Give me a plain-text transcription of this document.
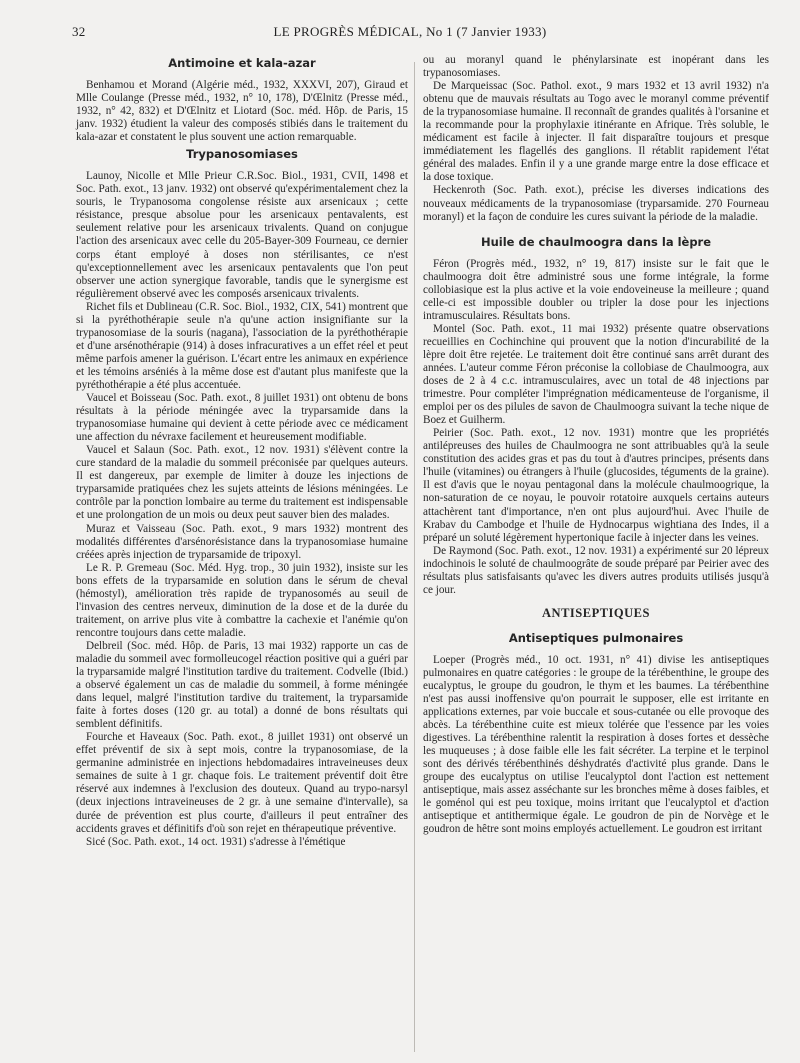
32	LE PROGRÈS MÉDICAL, No 1 (7 Janvier 1933)
Antimoine et kala-azar

Benhamou et Morand (Algérie méd., 1932, XXXVI, 207), Giraud et Mlle Coulange (Presse méd., 1932, n° 10, 178), D'Œlnitz (Presse méd., 1932, n° 42, 832) et D'Œlnitz et Liotard (Soc. méd. Hôp. de Paris, 15 janv. 1932) étudient la valeur des composés stibiés dans le traitement du kala-azar et constatent le plus souvent une action remarquable.

Trypanosomiases

Launoy, Nicolle et Mlle Prieur C.R.Soc. Biol., 1931, CVII, 1498 et Soc. Path. exot., 13 janv. 1932) ont observé qu'expérimentalement chez la souris, le Trypanosoma congolense résiste aux arsenicaux ; cette résistance, presque absolue pour les arsenicaux pentavalents, est seulement relative pour les arsenicaux trivalents. Quand on conjugue l'action des arsenicaux avec celle du 205-Bayer-309 Fourneau, ce dernier corps étant employé à doses non stérilisantes, ce n'est qu'exceptionnellement avec les arsenicaux pentavalents que l'on peut observer une action synergique favorable, tandis que le synergisme est régulièrement observé avec les composés arsenicaux trivalents.

Richet fils et Dublineau (C.R. Soc. Biol., 1932, CIX, 541) montrent que si la pyréthothérapie seule n'a qu'une action insignifiante sur la trypanosomiase de la souris (nagana), l'association de la pyréthothérapie et d'une arsénothérapie (914) à doses infracuratives a un effet réel et peut même parfois amener la guérison. L'écart entre les animaux en expérience et les témoins arséniés à la même dose est d'autant plus manifeste que la pyréthothérapie a été plus accentuée.

Vaucel et Boisseau (Soc. Path. exot., 8 juillet 1931) ont obtenu de bons résultats à la période méningée avec la tryparsamide dans la trypanosomiase humaine qui devient à cette période avec ce médicament une affection du névraxe facilement et heureusement modifiable.

Vaucel et Salaun (Soc. Path. exot., 12 nov. 1931) s'élèvent contre la cure standard de la maladie du sommeil préconisée par quelques auteurs. Il est dangereux, par exemple de limiter à douze les injections de tryparsamide pratiquées chez les sujets atteints de lésions méningées. Le contrôle par la ponction lombaire au terme du traitement est indispensable et une prolongation de un mois ou deux peut sauver bien des malades.

Muraz et Vaisseau (Soc. Path. exot., 9 mars 1932) montrent des modalités différentes d'arsénorésistance dans la trypanosomiase humaine créées après injection de tryparsamide de tripoxyl.

Le R. P. Gremeau (Soc. Méd. Hyg. trop., 30 juin 1932), insiste sur les bons effets de la tryparsamide en solution dans le sérum de cheval (hémostyl), amélioration très rapide de trypanosomés au seuil de l'invasion des centres nerveux, diminution de la dose et de la durée du traitement, on arrive plus vite à combattre la cachexie et l'anémie qu'on rencontre toujours dans cette maladie.

Delbreil (Soc. méd. Hôp. de Paris, 13 mai 1932) rapporte un cas de maladie du sommeil avec formolleucogel réaction positive qui a guéri par la tryparsamide malgré l'institution tardive du traitement. Codvelle (Ibid.) a observé également un cas de maladie du sommeil, à forme méningée dans lequel, malgré l'institution tardive du traitement, la tryparsamide faite à fortes doses (120 gr. au total) a donné de bons résultats qui semblent définitifs.

Fourche et Haveaux (Soc. Path. exot., 8 juillet 1931) ont observé un effet préventif de six à sept mois, contre la trypanosomiase, de la germanine administrée en injections hebdomadaires intraveineuses deux semaines de suite à 1 gr. chaque fois. Le traitement préventif doit être réservé aux indemnes à l'exclusion des douteux. Quand au trypo-narsyl (deux injections intraveineuses de 2 gr. à une semaine d'intervalle), sa durée de prévention est plus courte, d'ailleurs il peut entraîner des accidents graves et définitifs d'où son rejet en thérapeutique préventive.

Sicé (Soc. Path. exot., 14 oct. 1931) s'adresse à l'émétique

ou au moranyl quand le phénylarsinate est inopérant dans les trypanosomiases.

De Marqueissac (Soc. Pathol. exot., 9 mars 1932 et 13 avril 1932) n'a obtenu que de mauvais résultats au Togo avec le moranyl comme préventif de la trypanosomiase humaine. Il reconnaît de grandes qualités à l'orsanine et la recommande pour la prophylaxie itinérante en Afrique. Très soluble, le médicament est facile à injecter. Il fait disparaître toujours et presque immédiatement les flagellés des ganglions. Il rétablit rapidement l'état général des malades. Enfin il y a une grande marge entre la dose efficace et la dose toxique.

Heckenroth (Soc. Path. exot.), précise les diverses indications des nouveaux médicaments de la trypanosomiase (tryparsamide. 270 Fourneau moranyl) et la façon de conduire les cures suivant la période de la maladie.

Huile de chaulmoogra dans la lèpre

Féron (Progrès méd., 1932, n° 19, 817) insiste sur le fait que le chaulmoogra doit être administré sous une forme intégrale, la forme collobiasique est la plus active et la voie endoveineuse la meilleure ; quand celle-ci est impossible doubler ou tripler la dose pour les injections intramusculaires. Résultats bons.

Montel (Soc. Path. exot., 11 mai 1932) présente quatre observations recueillies en Cochinchine qui prouvent que la notion d'incurabilité de la lèpre doit être rejetée. Le traitement doit être continué sans arrêt durant des années. L'auteur comme Féron préconise la collobiase de Chaulmoogra, aux doses de 2 à 4 c.c. intramusculaires, avec un total de 48 injections par trimestre. Pour compléter l'imprégnation médicamenteuse de l'organisme, il emploi per os des pilules de savon de Chaulmoogra suivant la teche nique de Boez et Guilherm.

Peirier (Soc. Path. exot., 12 nov. 1931) montre que les propriétés antilépreuses des huiles de Chaulmoogra ne sont attribuables qu'à la seule constitution des acides gras et pas du tout à d'autres principes, présents dans l'huile (vitamines) ou étrangers à l'huile (glucosides, téguments de la graine). Il est d'avis que le noyau pentagonal dans la molécule chaulmoogrique, la non-saturation de ce noyau, le pouvoir rotatoire auxquels certains auteurs attachèrent tant d'importance, n'en ont plus aujourd'hui. Avec l'huile de Krabav du Cambodge et l'huile de Hydnocarpus wightiana des Indes, il a préparé un soluté légèrement hypertonique facile à injecter dans les veines.

De Raymond (Soc. Path. exot., 12 nov. 1931) a expérimenté sur 20 lépreux indochinois le soluté de chaulmoogrâte de soude préparé par Peirier avec des résultats plus satisfaisants qu'avec les divers autres produits utilisés jusqu'à ce jour.

ANTISEPTIQUES
Antiseptiques pulmonaires

Loeper (Progrès méd., 10 oct. 1931, n° 41) divise les antiseptiques pulmonaires en quatre catégories : le groupe de la térébenthine, le groupe des eucalyptus, le groupe du goudron, le thym et les baumes. La térébenthine n'est pas aussi inoffensive qu'on pourrait le supposer, elle est irritante en applications externes, par voie buccale et sous-cutanée ou elle provoque des abcès. La térébenthine cuite est mieux tolérée que l'essence par les voies digestives. La térébenthine ralentit la respiration à doses fortes et dessèche les muqueuses ; à dose faible elle les fait sécréter. La terpine et le terpinol sont des dérivés térébenthinés déshydratés d'activité plus grande. Dans le groupe des eucalyptus on utilise l'eucalyptol dont l'action est nettement antiseptique, mais assez asséchante sur les bronches même à doses faibles, et le goménol qui est peu toxique, moins irritant que l'eucalyptol et d'action antiseptique et antithermique égale. Le goudron de pin de Norvège et le goudron de hêtre sont moins employés actuellement. Le goudron est irritant
